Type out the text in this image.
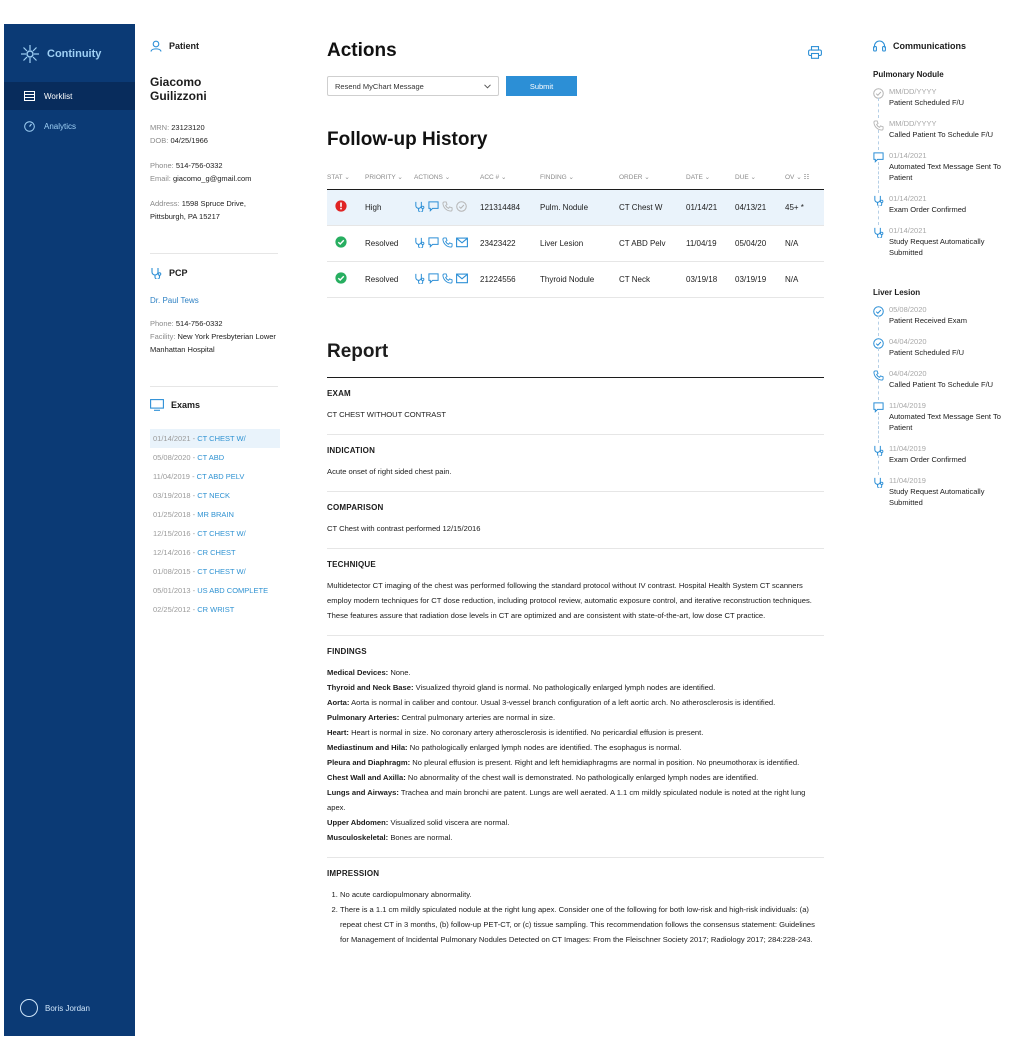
Continuity
Worklist
Analytics
Boris Jordan
Patient
Giacomo Guilizzoni
MRN: 23123120
DOB: 04/25/1966
Phone: 514-756-0332
Email: giacomo_g@gmail.com
Address: 1598 Spruce Drive, Pittsburgh, PA 15217
PCP
Dr. Paul Tews
Phone: 514-756-0332
Facility: New York Presbyterian Lower Manhattan Hospital
Exams
01/14/2021 - CT CHEST W/
05/08/2020 - CT ABD
11/04/2019 - CT ABD PELV
03/19/2018 - CT NECK
01/25/2018 - MR BRAIN
12/15/2016 - CT CHEST W/
12/14/2016 - CR CHEST
01/08/2015 - CT CHEST W/
05/01/2013 - US ABD COMPLETE
02/25/2012 - CR WRIST
Actions
Resend MyChart Message	Submit
Follow-up History
STAT ⌄	PRIORITY ⌄	ACTIONS ⌄	ACC # ⌄	FINDING ⌄	ORDER ⌄	DATE ⌄	DUE ⌄	OV ⌄ ☷
	High		121314484	Pulm. Nodule	CT Chest W	01/14/21	04/13/21	45+ *
	Resolved		23423422	Liver Lesion	CT ABD Pelv	11/04/19	05/04/20	N/A
	Resolved		21224556	Thyroid Nodule	CT Neck	03/19/18	03/19/19	N/A
Report
EXAM
CT CHEST WITHOUT CONTRAST
INDICATION
Acute onset of right sided chest pain.
COMPARISON
CT Chest with contrast performed 12/15/2016
TECHNIQUE
Multidetector CT imaging of the chest was performed following the standard protocol without IV contrast. Hospital Health System CT scanners employ modern techniques for CT dose reduction, including protocol review, automatic exposure control, and iterative reconstruction techniques. These features assure that radiation dose levels in CT are optimized and are consistent with state-of-the-art, low dose CT practice.
FINDINGS
Medical Devices: None.
Thyroid and Neck Base: Visualized thyroid gland is normal. No pathologically enlarged lymph nodes are identified.
Aorta: Aorta is normal in caliber and contour. Usual 3-vessel branch configuration of a left aortic arch. No atherosclerosis is identified.
Pulmonary Arteries: Central pulmonary arteries are normal in size.
Heart: Heart is normal in size. No coronary artery atherosclerosis is identified. No pericardial effusion is present.
Mediastinum and Hila: No pathologically enlarged lymph nodes are identified. The esophagus is normal.
Pleura and Diaphragm: No pleural effusion is present. Right and left hemidiaphragms are normal in position. No pneumothorax is identified.
Chest Wall and Axilla: No abnormality of the chest wall is demonstrated. No pathologically enlarged lymph nodes are identified.
Lungs and Airways: Trachea and main bronchi are patent. Lungs are well aerated. A 1.1 cm mildly spiculated nodule is noted at the right lung apex.
Upper Abdomen: Visualized solid viscera are normal.
Musculoskeletal: Bones are normal.
IMPRESSION
1. No acute cardiopulmonary abnormality.
2. There is a 1.1 cm mildly spiculated nodule at the right lung apex. Consider one of the following for both low-risk and high-risk individuals: (a) repeat chest CT in 3 months, (b) follow-up PET-CT, or (c) tissue sampling. This recommendation follows the consensus statement: Guidelines for Management of Incidental Pulmonary Nodules Detected on CT Images: From the Fleischner Society 2017; Radiology 2017; 284:228-243.
Communications
Pulmonary Nodule
MM/DD/YYYY
Patient Scheduled F/U
MM/DD/YYYY
Called Patient To Schedule F/U
01/14/2021
Automated Text Message Sent To Patient
01/14/2021
Exam Order Confirmed
01/14/2021
Study Request Automatically Submitted
Liver Lesion
05/08/2020
Patient Received Exam
04/04/2020
Patient Scheduled F/U
04/04/2020
Called Patient To Schedule F/U
11/04/2019
Automated Text Message Sent To Patient
11/04/2019
Exam Order Confirmed
11/04/2019
Study Request Automatically Submitted
